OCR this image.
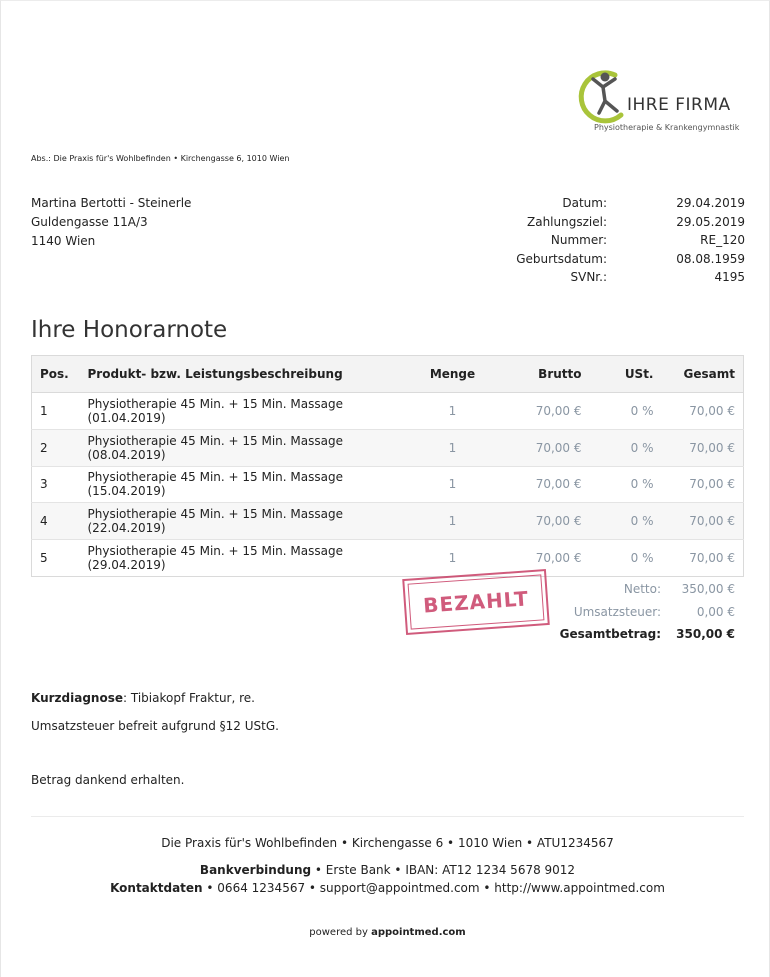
IHRE FIRMA
Physiotherapie & Krankengymnastik
Abs.: Die Praxis für's Wohlbefinden • Kirchengasse 6, 1010 Wien
Martina Bertotti - Steinerle
Guldengasse 11A/3
1140 Wien
Datum:	29.04.2019
Zahlungsziel:	29.05.2019
Nummer:	RE_120
Geburtsdatum:	08.08.1959
SVNr.:	4195
Ihre Honorarnote
Pos.	Produkt- bzw. Leistungsbeschreibung	Menge	Brutto	USt.	Gesamt
1	Physiotherapie 45 Min. + 15 Min. Massage (01.04.2019)	1	70,00 €	0 %	70,00 €
2	Physiotherapie 45 Min. + 15 Min. Massage (08.04.2019)	1	70,00 €	0 %	70,00 €
3	Physiotherapie 45 Min. + 15 Min. Massage (15.04.2019)	1	70,00 €	0 %	70,00 €
4	Physiotherapie 45 Min. + 15 Min. Massage (22.04.2019)	1	70,00 €	0 %	70,00 €
5	Physiotherapie 45 Min. + 15 Min. Massage (29.04.2019)	1	70,00 €	0 %	70,00 €
BEZAHLT	Netto:	350,00 €
Umsatzsteuer:	0,00 €
Gesamtbetrag:	350,00 €
Kurzdiagnose: Tibiakopf Fraktur, re.
Umsatzsteuer befreit aufgrund §12 UStG.
Betrag dankend erhalten.
Die Praxis für's Wohlbefinden • Kirchengasse 6 • 1010 Wien • ATU1234567
Bankverbindung • Erste Bank • IBAN: AT12 1234 5678 9012
Kontaktdaten • 0664 1234567 • support@appointmed.com • http://www.appointmed.com
powered by appointmed.com
